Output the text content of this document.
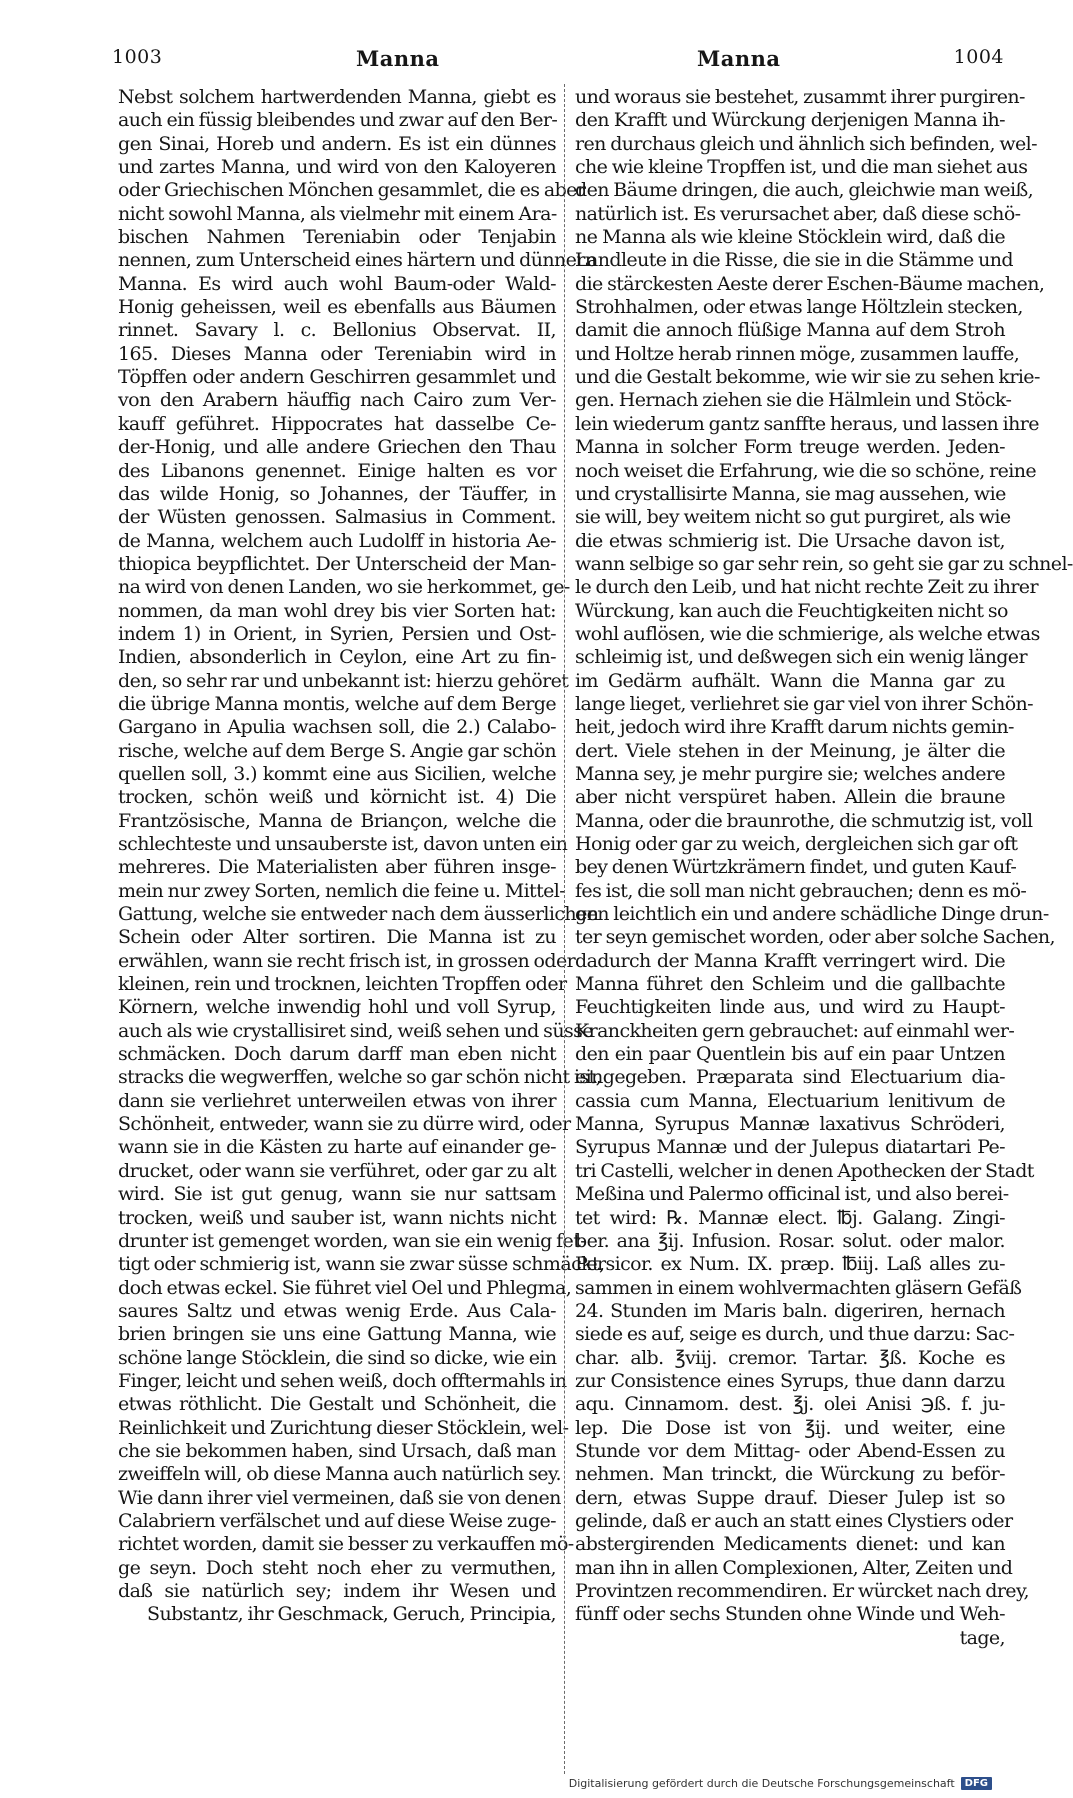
1003	Manna	Manna	1004
Nebst solchem hartwerdenden Manna, giebt es
auch ein füssig bleibendes und zwar auf den Ber-
gen Sinai, Horeb und andern. Es ist ein dünnes
und zartes Manna, und wird von den Kaloyeren
oder Griechischen Mönchen gesammlet, die es aber
nicht sowohl Manna, als vielmehr mit einem Ara-
bischen Nahmen Tereniabin oder Tenjabin
nennen, zum Unterscheid eines härtern und dünnern
Manna. Es wird auch wohl Baum-oder Wald-
Honig geheissen, weil es ebenfalls aus Bäumen
rinnet. Savary l. c. Bellonius Observat. II,
165. Dieses Manna oder Tereniabin wird in
Töpffen oder andern Geschirren gesammlet und
von den Arabern häuffig nach Cairo zum Ver-
kauff geführet. Hippocrates hat dasselbe Ce-
der-Honig, und alle andere Griechen den Thau
des Libanons genennet. Einige halten es vor
das wilde Honig, so Johannes, der Täuffer, in
der Wüsten genossen. Salmasius in Comment.
de Manna, welchem auch Ludolff in historia Ae-
thiopica beypflichtet. Der Unterscheid der Man-
na wird von denen Landen, wo sie herkommet, ge-
nommen, da man wohl drey bis vier Sorten hat:
indem 1) in Orient, in Syrien, Persien und Ost-
Indien, absonderlich in Ceylon, eine Art zu fin-
den, so sehr rar und unbekannt ist: hierzu gehöret
die übrige Manna montis, welche auf dem Berge
Gargano in Apulia wachsen soll, die 2.) Calabo-
rische, welche auf dem Berge S. Angie gar schön
quellen soll, 3.) kommt eine aus Sicilien, welche
trocken, schön weiß und körnicht ist. 4) Die
Frantzösische, Manna de Briançon, welche die
schlechteste und unsauberste ist, davon unten ein
mehreres. Die Materialisten aber führen insge-
mein nur zwey Sorten, nemlich die feine u. Mittel-
Gattung, welche sie entweder nach dem äusserlichen
Schein oder Alter sortiren. Die Manna ist zu
erwählen, wann sie recht frisch ist, in grossen oder
kleinen, rein und trocknen, leichten Tropffen oder
Körnern, welche inwendig hohl und voll Syrup,
auch als wie crystallisiret sind, weiß sehen und süsse
schmäcken. Doch darum darff man eben nicht
stracks die wegwerffen, welche so gar schön nicht ist,
dann sie verliehret unterweilen etwas von ihrer
Schönheit, entweder, wann sie zu dürre wird, oder
wann sie in die Kästen zu harte auf einander ge-
drucket, oder wann sie verführet, oder gar zu alt
wird. Sie ist gut genug, wann sie nur sattsam
trocken, weiß und sauber ist, wann nichts nicht
drunter ist gemenget worden, wan sie ein wenig fet-
tigt oder schmierig ist, wann sie zwar süsse schmäckt,
doch etwas eckel. Sie führet viel Oel und Phlegma,
saures Saltz und etwas wenig Erde. Aus Cala-
brien bringen sie uns eine Gattung Manna, wie
schöne lange Stöcklein, die sind so dicke, wie ein
Finger, leicht und sehen weiß, doch offtermahls in
etwas röthlicht. Die Gestalt und Schönheit, die
Reinlichkeit und Zurichtung dieser Stöcklein, wel-
che sie bekommen haben, sind Ursach, daß man
zweiffeln will, ob diese Manna auch natürlich sey.
Wie dann ihrer viel vermeinen, daß sie von denen
Calabriern verfälschet und auf diese Weise zuge-
richtet worden, damit sie besser zu verkauffen mö-
ge seyn. Doch steht noch eher zu vermuthen,
daß sie natürlich sey; indem ihr Wesen und
Substantz, ihr Geschmack, Geruch, Principia,
und woraus sie bestehet, zusammt ihrer purgiren-
den Krafft und Würckung derjenigen Manna ih-
ren durchaus gleich und ähnlich sich befinden, wel-
che wie kleine Tropffen ist, und die man siehet aus
den Bäume dringen, die auch, gleichwie man weiß,
natürlich ist. Es verursachet aber, daß diese schö-
ne Manna als wie kleine Stöcklein wird, daß die
Landleute in die Risse, die sie in die Stämme und
die stärckesten Aeste derer Eschen-Bäume machen,
Strohhalmen, oder etwas lange Höltzlein stecken,
damit die annoch flüßige Manna auf dem Stroh
und Holtze herab rinnen möge, zusammen lauffe,
und die Gestalt bekomme, wie wir sie zu sehen krie-
gen. Hernach ziehen sie die Hälmlein und Stöck-
lein wiederum gantz sanffte heraus, und lassen ihre
Manna in solcher Form treuge werden. Jeden-
noch weiset die Erfahrung, wie die so schöne, reine
und crystallisirte Manna, sie mag aussehen, wie
sie will, bey weitem nicht so gut purgiret, als wie
die etwas schmierig ist. Die Ursache davon ist,
wann selbige so gar sehr rein, so geht sie gar zu schnel-
le durch den Leib, und hat nicht rechte Zeit zu ihrer
Würckung, kan auch die Feuchtigkeiten nicht so
wohl auflösen, wie die schmierige, als welche etwas
schleimig ist, und deßwegen sich ein wenig länger
im Gedärm aufhält. Wann die Manna gar zu
lange lieget, verliehret sie gar viel von ihrer Schön-
heit, jedoch wird ihre Krafft darum nichts gemin-
dert. Viele stehen in der Meinung, je älter die
Manna sey, je mehr purgire sie; welches andere
aber nicht verspüret haben. Allein die braune
Manna, oder die braunrothe, die schmutzig ist, voll
Honig oder gar zu weich, dergleichen sich gar oft
bey denen Würtzkrämern findet, und guten Kauf-
fes ist, die soll man nicht gebrauchen; denn es mö-
gen leichtlich ein und andere schädliche Dinge drun-
ter seyn gemischet worden, oder aber solche Sachen,
dadurch der Manna Krafft verringert wird. Die
Manna führet den Schleim und die gallbachte
Feuchtigkeiten linde aus, und wird zu Haupt-
Kranckheiten gern gebrauchet: auf einmahl wer-
den ein paar Quentlein bis auf ein paar Untzen
eingegeben. Præparata sind Electuarium dia-
cassia cum Manna, Electuarium lenitivum de
Manna, Syrupus Mannæ laxativus Schröderi,
Syrupus Mannæ und der Julepus diatartari Pe-
tri Castelli, welcher in denen Apothecken der Stadt
Meßina und Palermo officinal ist, und also berei-
tet wird: ℞. Mannæ elect. ℔j. Galang. Zingi-
ber. ana ℥ij. Infusion. Rosar. solut. oder malor.
Persicor. ex Num. IX. præp. ℔iij. Laß alles zu-
sammen in einem wohlvermachten gläsern Gefäß
24. Stunden im Maris baln. digeriren, hernach
siede es auf, seige es durch, und thue darzu: Sac-
char. alb. ℥viij. cremor. Tartar. ℥ß. Koche es
zur Consistence eines Syrups, thue dann darzu
aqu. Cinnamom. dest. ℥j. olei Anisi ℈ß. f. ju-
lep. Die Dose ist von ℥ij. und weiter, eine
Stunde vor dem Mittag- oder Abend-Essen zu
nehmen. Man trinckt, die Würckung zu beför-
dern, etwas Suppe drauf. Dieser Julep ist so
gelinde, daß er auch an statt eines Clystiers oder
abstergirenden Medicaments dienet: und kan
man ihn in allen Complexionen, Alter, Zeiten und
Provintzen recommendiren. Er würcket nach drey,
fünff oder sechs Stunden ohne Winde und Weh-
tage,
Digitalisierung gefördert durch die Deutsche Forschungsgemeinschaft	DFG
